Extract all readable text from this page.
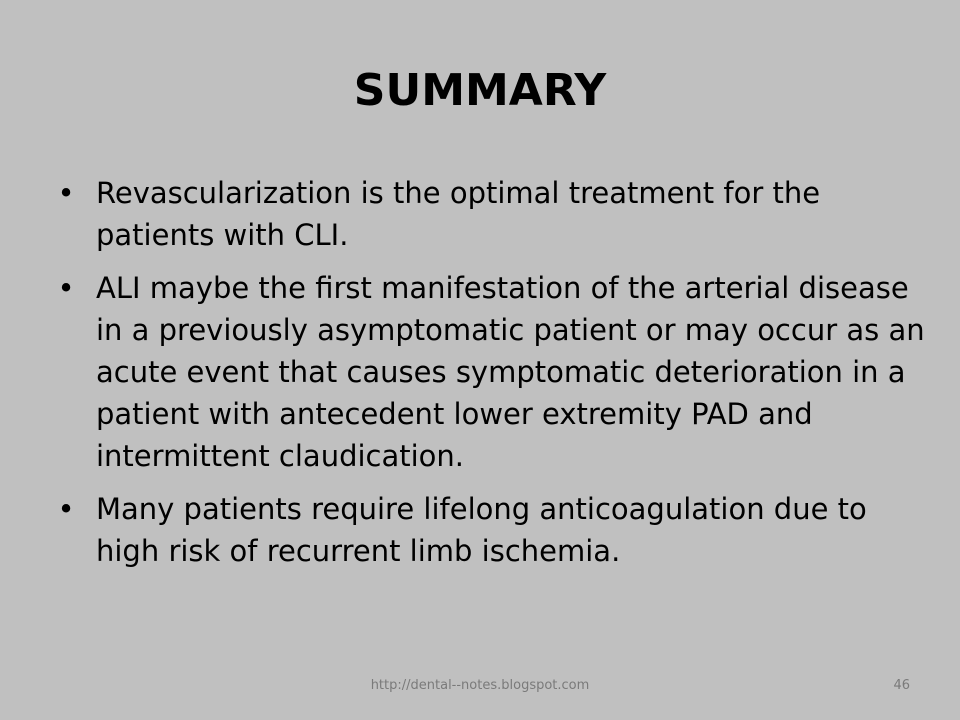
SUMMARY
• Revascularization is the optimal treatment for the patients with CLI.
• ALI maybe the first manifestation of the arterial disease in a previously asymptomatic patient or may occur as an acute event that causes symptomatic deterioration in a patient with antecedent lower extremity PAD and intermittent claudication.
• Many patients require lifelong anticoagulation due to high risk of recurrent limb ischemia.
http://dental--notes.blogspot.com	46
